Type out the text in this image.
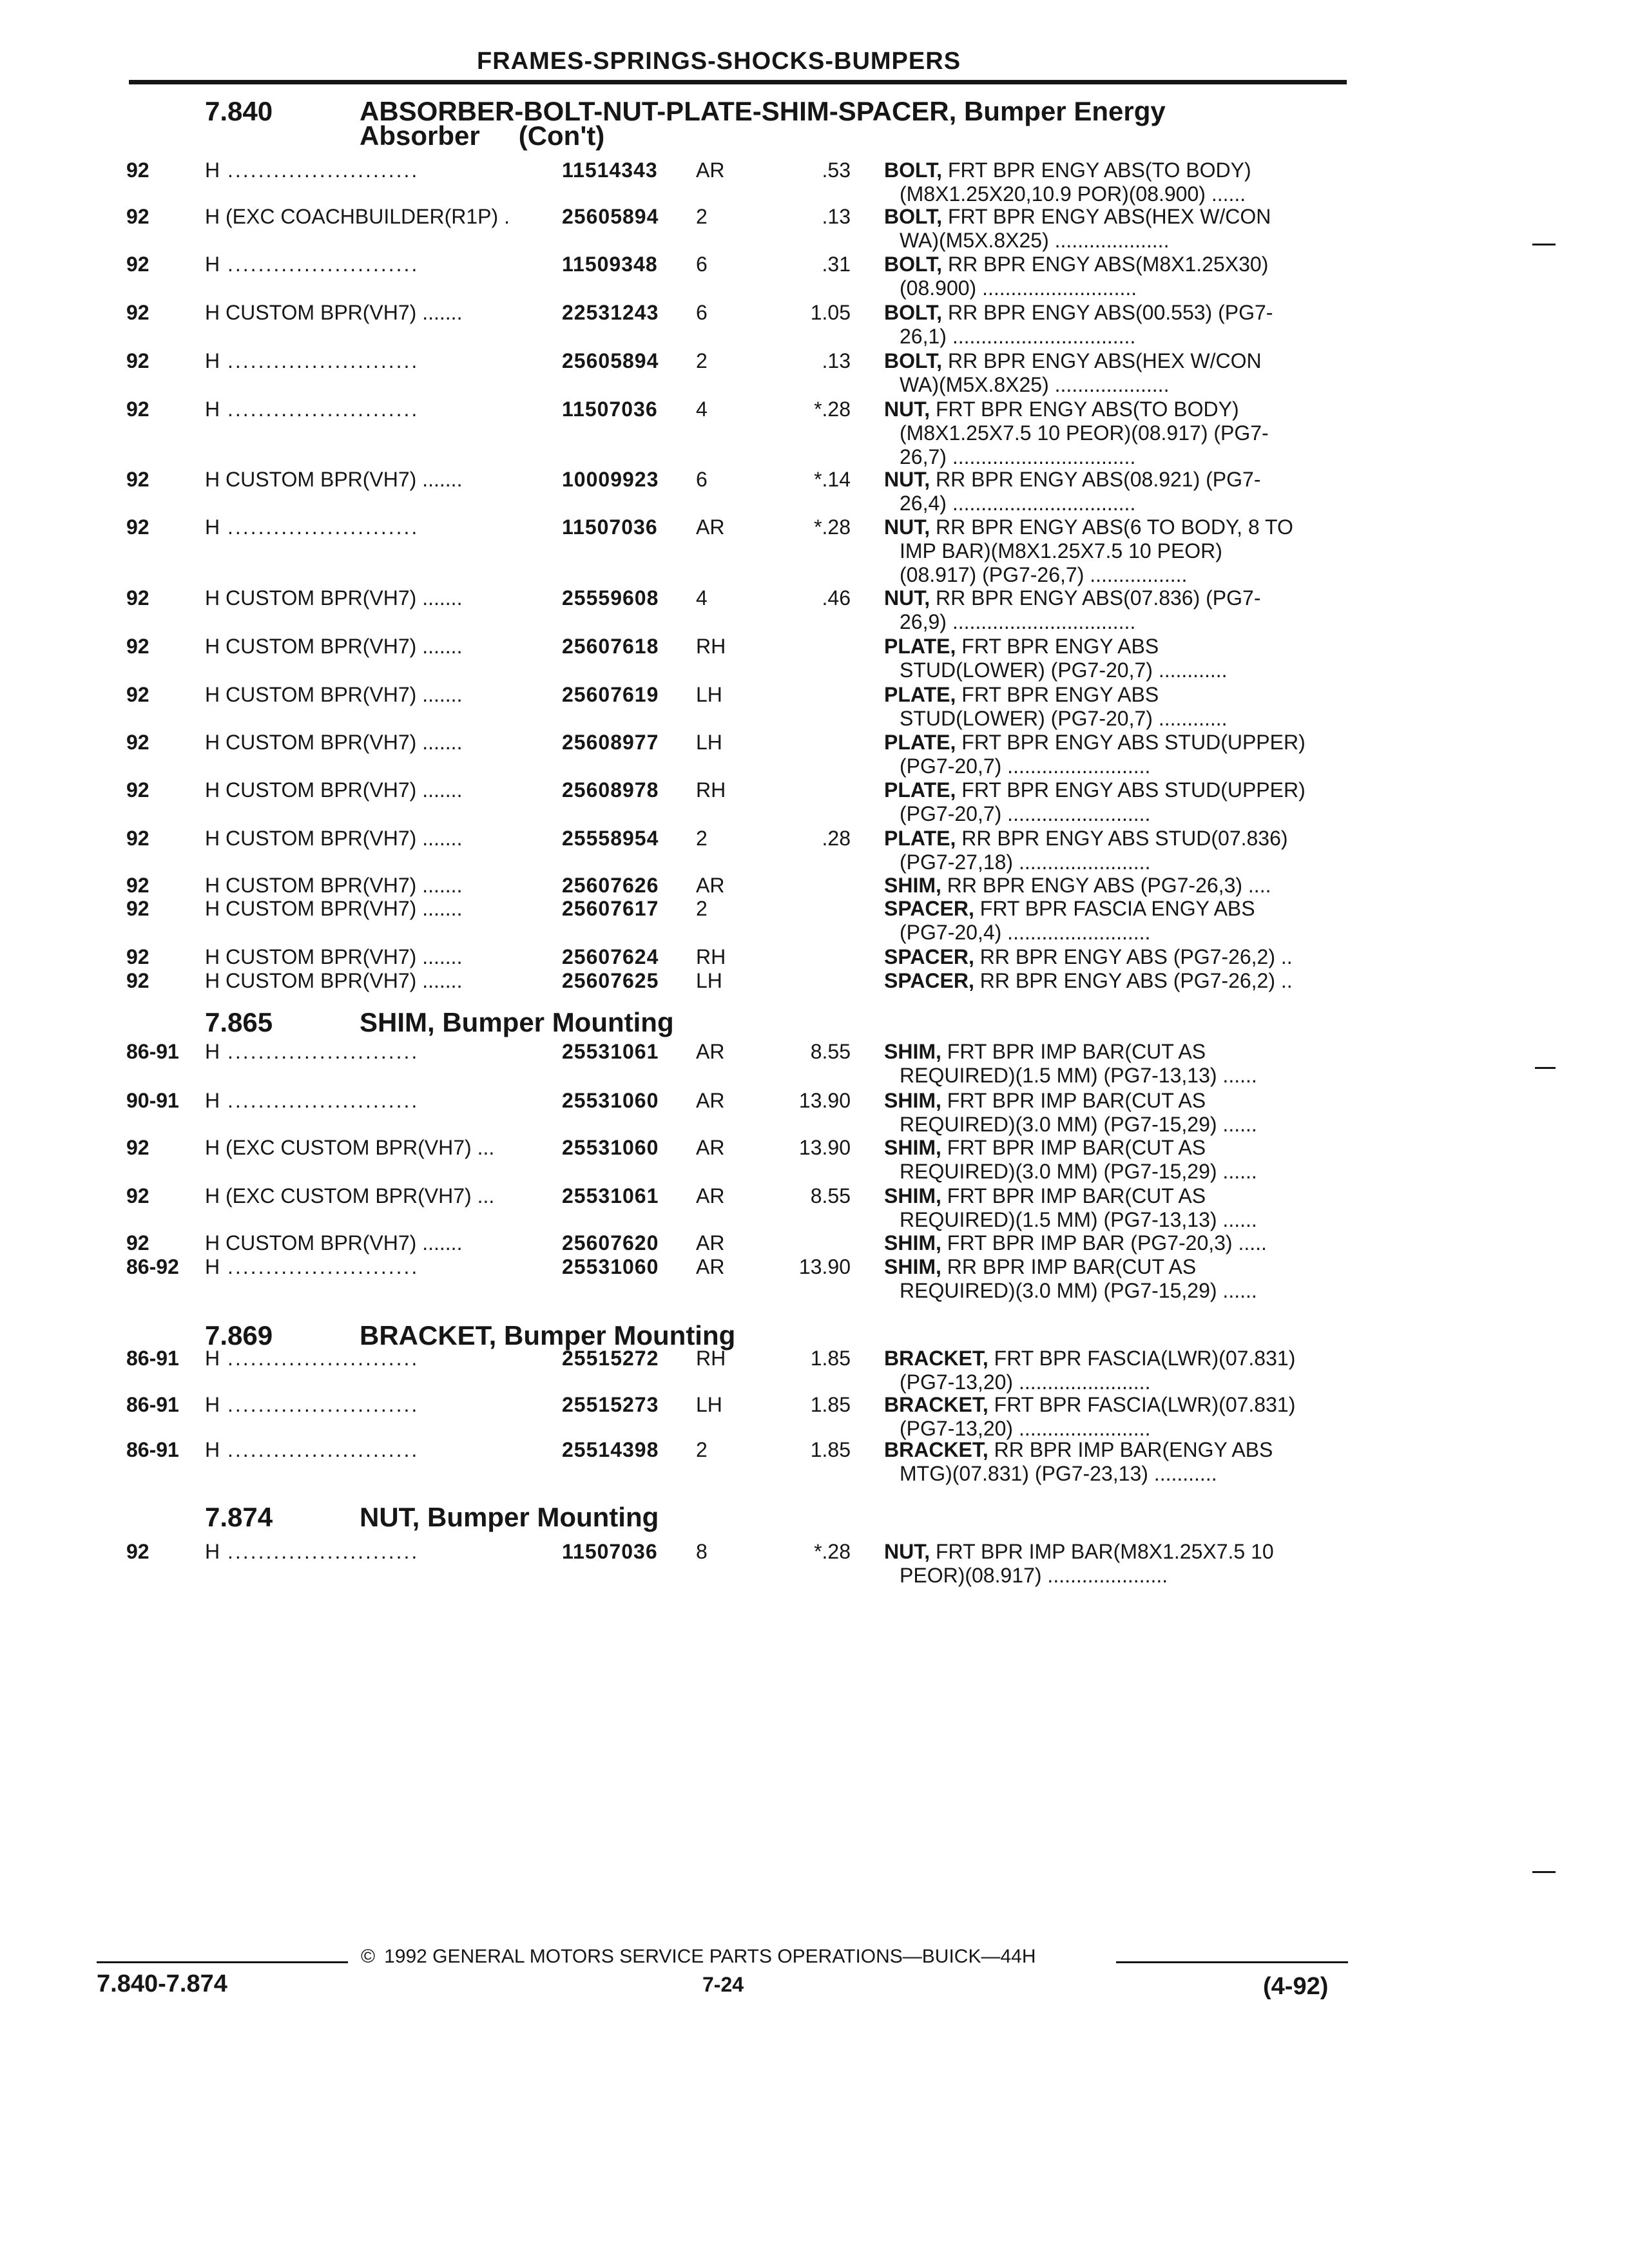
FRAMES-SPRINGS-SHOCKS-BUMPERS
7.840	ABSORBER-BOLT-NUT-PLATE-SHIM-SPACER, Bumper Energy
Absorber (Con't)
92	H .........................	11514343 AR	.53 BOLT, FRT BPR ENGY ABS(TO BODY)
(M8X1.25X20,10.9 POR)(08.900) ......
92	H (EXC COACHBUILDER(R1P) .	25605894 2	.13 BOLT, FRT BPR ENGY ABS(HEX W/CON
WA)(M5X.8X25) ....................
92	H .........................	11509348 6	.31 BOLT, RR BPR ENGY ABS(M8X1.25X30)
(08.900) ...........................
92	H CUSTOM BPR(VH7) .......	22531243 6	1.05 BOLT, RR BPR ENGY ABS(00.553) (PG7-
26,1) ................................
92	H .........................	25605894 2	.13 BOLT, RR BPR ENGY ABS(HEX W/CON
WA)(M5X.8X25) ....................
92	H .........................	11507036 4	*.28 NUT, FRT BPR ENGY ABS(TO BODY)
(M8X1.25X7.5 10 PEOR)(08.917) (PG7-
26,7) ................................
92	H CUSTOM BPR(VH7) .......	10009923 6	*.14 NUT, RR BPR ENGY ABS(08.921) (PG7-
26,4) ................................
92	H .........................	11507036 AR	*.28 NUT, RR BPR ENGY ABS(6 TO BODY, 8 TO
IMP BAR)(M8X1.25X7.5 10 PEOR)
(08.917) (PG7-26,7) .................
92	H CUSTOM BPR(VH7) .......	25559608 4	.46 NUT, RR BPR ENGY ABS(07.836) (PG7-
26,9) ................................
92	H CUSTOM BPR(VH7) .......	25607618 RH	PLATE, FRT BPR ENGY ABS
STUD(LOWER) (PG7-20,7) ............
92	H CUSTOM BPR(VH7) .......	25607619 LH	PLATE, FRT BPR ENGY ABS
STUD(LOWER) (PG7-20,7) ............
92	H CUSTOM BPR(VH7) .......	25608977 LH	PLATE, FRT BPR ENGY ABS STUD(UPPER)
(PG7-20,7) .........................
92	H CUSTOM BPR(VH7) .......	25608978 RH	PLATE, FRT BPR ENGY ABS STUD(UPPER)
(PG7-20,7) .........................
92	H CUSTOM BPR(VH7) .......	25558954 2	.28 PLATE, RR BPR ENGY ABS STUD(07.836)
(PG7-27,18) .......................
92	H CUSTOM BPR(VH7) .......	25607626 AR	SHIM, RR BPR ENGY ABS (PG7-26,3) ....
92	H CUSTOM BPR(VH7) .......	25607617 2	SPACER, FRT BPR FASCIA ENGY ABS
(PG7-20,4) .........................
92	H CUSTOM BPR(VH7) .......	25607624 RH	SPACER, RR BPR ENGY ABS (PG7-26,2) ..
92	H CUSTOM BPR(VH7) .......	25607625 LH	SPACER, RR BPR ENGY ABS (PG7-26,2) ..
7.865	SHIM, Bumper Mounting
86-91 H .........................	25531061 AR	8.55 SHIM, FRT BPR IMP BAR(CUT AS
REQUIRED)(1.5 MM) (PG7-13,13) ......
90-91 H .........................	25531060 AR	13.90 SHIM, FRT BPR IMP BAR(CUT AS
REQUIRED)(3.0 MM) (PG7-15,29) ......
92	H (EXC CUSTOM BPR(VH7) ...	25531060 AR	13.90 SHIM, FRT BPR IMP BAR(CUT AS
REQUIRED)(3.0 MM) (PG7-15,29) ......
92	H (EXC CUSTOM BPR(VH7) ...	25531061 AR	8.55 SHIM, FRT BPR IMP BAR(CUT AS
REQUIRED)(1.5 MM) (PG7-13,13) ......
92	H CUSTOM BPR(VH7) .......	25607620 AR	SHIM, FRT BPR IMP BAR (PG7-20,3) .....
86-92 H .........................	25531060 AR	13.90 SHIM, RR BPR IMP BAR(CUT AS
REQUIRED)(3.0 MM) (PG7-15,29) ......
7.869	BRACKET, Bumper Mounting
86-91 H .........................	25515272 RH	1.85 BRACKET, FRT BPR FASCIA(LWR)(07.831)
(PG7-13,20) .......................
86-91 H .........................	25515273 LH	1.85 BRACKET, FRT BPR FASCIA(LWR)(07.831)
(PG7-13,20) .......................
86-91 H .........................	25514398 2	1.85 BRACKET, RR BPR IMP BAR(ENGY ABS
MTG)(07.831) (PG7-23,13) ...........
7.874	NUT, Bumper Mounting
92	H .........................	11507036 8	*.28 NUT, FRT BPR IMP BAR(M8X1.25X7.5 10
PEOR)(08.917) .....................
© 1992 GENERAL MOTORS SERVICE PARTS OPERATIONS—BUICK—44H
7-24
7.840-7.874	(4-92)
